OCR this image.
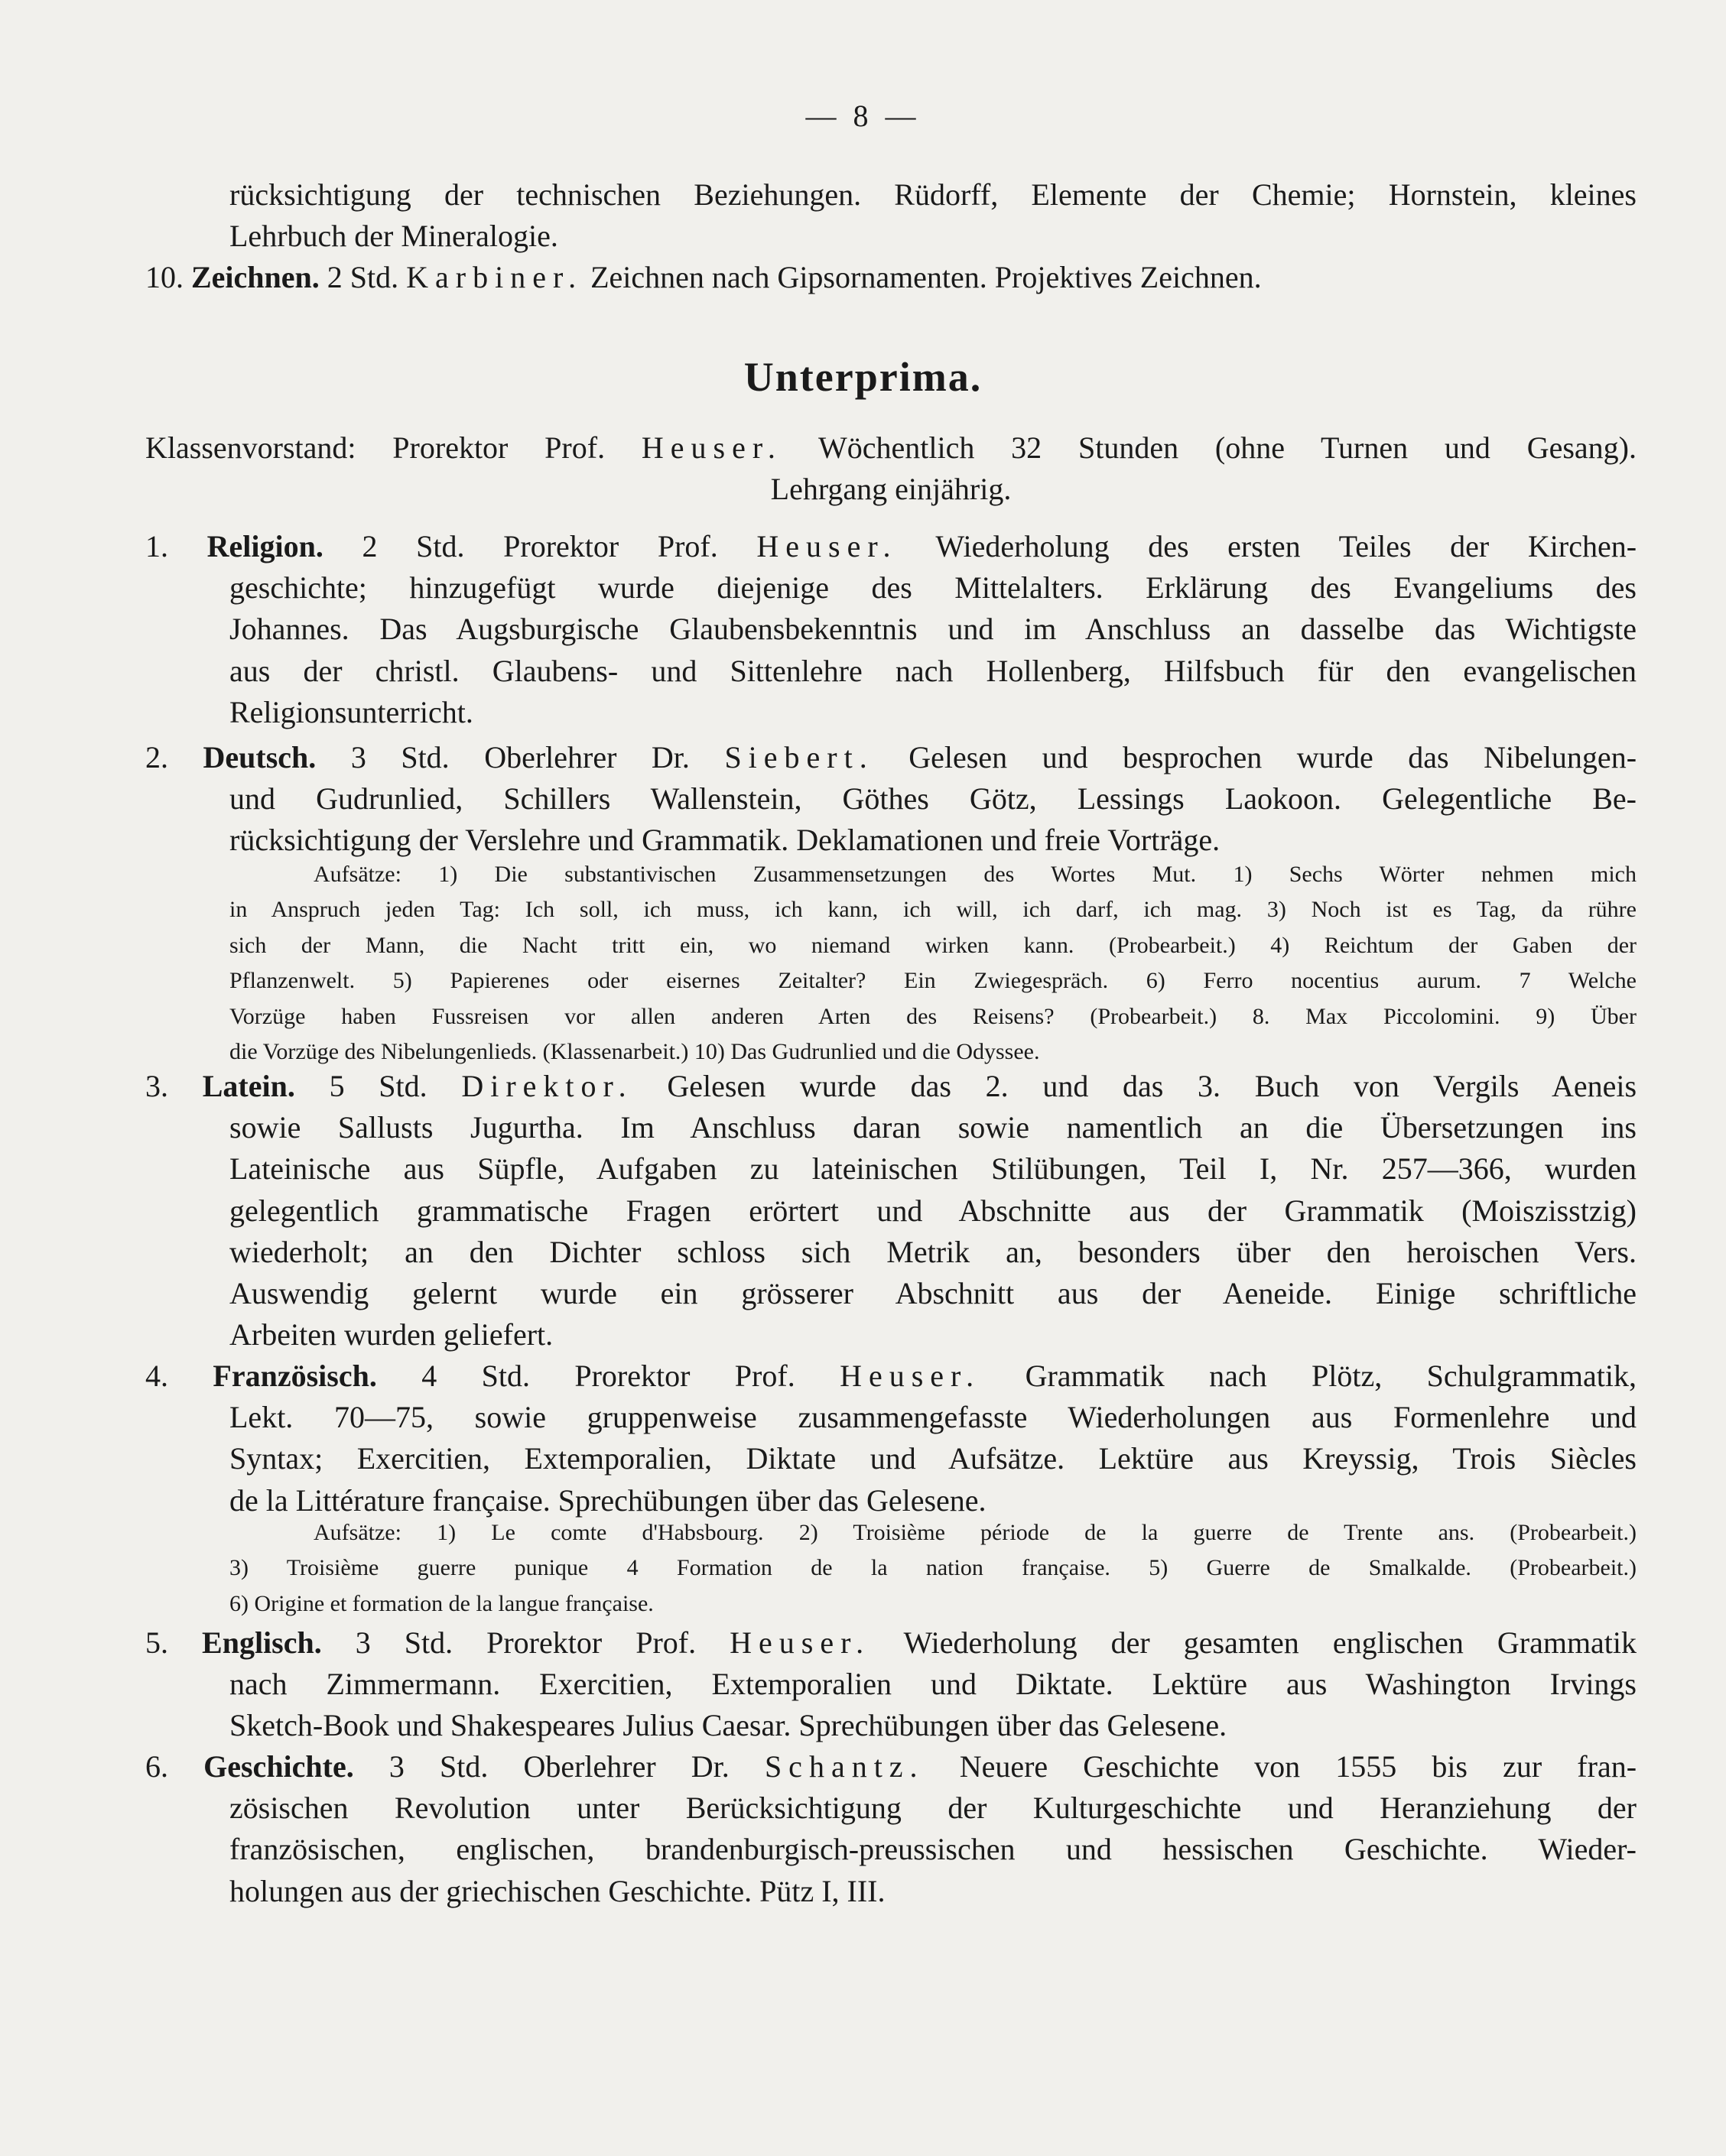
— 8 —
rücksichtigung der technischen Beziehungen. Rüdorff, Elemente der Chemie; Hornstein, kleines
Lehrbuch der Mineralogie.
10. Zeichnen. 2 Std. Karbiner. Zeichnen nach Gipsornamenten. Projektives Zeichnen.
Unterprima.
Klassenvorstand: Prorektor Prof. Heuser. Wöchentlich 32 Stunden (ohne Turnen und Gesang).
Lehrgang einjährig.
1. Religion. 2 Std. Prorektor Prof. Heuser. Wiederholung des ersten Teiles der Kirchen-
geschichte; hinzugefügt wurde diejenige des Mittelalters. Erklärung des Evangeliums des
Johannes. Das Augsburgische Glaubensbekenntnis und im Anschluss an dasselbe das Wichtigste
aus der christl. Glaubens- und Sittenlehre nach Hollenberg, Hilfsbuch für den evangelischen
Religionsunterricht.
2. Deutsch. 3 Std. Oberlehrer Dr. Siebert. Gelesen und besprochen wurde das Nibelungen-
und Gudrunlied, Schillers Wallenstein, Göthes Götz, Lessings Laokoon. Gelegentliche Be-
rücksichtigung der Verslehre und Grammatik. Deklamationen und freie Vorträge.
Aufsätze: 1) Die substantivischen Zusammensetzungen des Wortes Mut. 1) Sechs Wörter nehmen mich
in Anspruch jeden Tag: Ich soll, ich muss, ich kann, ich will, ich darf, ich mag. 3) Noch ist es Tag, da rühre
sich der Mann, die Nacht tritt ein, wo niemand wirken kann. (Probearbeit.) 4) Reichtum der Gaben der
Pflanzenwelt. 5) Papierenes oder eisernes Zeitalter? Ein Zwiegespräch. 6) Ferro nocentius aurum. 7 Welche
Vorzüge haben Fussreisen vor allen anderen Arten des Reisens? (Probearbeit.) 8. Max Piccolomini. 9) Über
die Vorzüge des Nibelungenlieds. (Klassenarbeit.) 10) Das Gudrunlied und die Odyssee.
3. Latein. 5 Std. Direktor. Gelesen wurde das 2. und das 3. Buch von Vergils Aeneis
sowie Sallusts Jugurtha. Im Anschluss daran sowie namentlich an die Übersetzungen ins
Lateinische aus Süpfle, Aufgaben zu lateinischen Stilübungen, Teil I, Nr. 257—366, wurden
gelegentlich grammatische Fragen erörtert und Abschnitte aus der Grammatik (Moiszisstzig)
wiederholt; an den Dichter schloss sich Metrik an, besonders über den heroischen Vers.
Auswendig gelernt wurde ein grösserer Abschnitt aus der Aeneide. Einige schriftliche
Arbeiten wurden geliefert.
4. Französisch. 4 Std. Prorektor Prof. Heuser. Grammatik nach Plötz, Schulgrammatik,
Lekt. 70—75, sowie gruppenweise zusammengefasste Wiederholungen aus Formenlehre und
Syntax; Exercitien, Extemporalien, Diktate und Aufsätze. Lektüre aus Kreyssig, Trois Siècles
de la Littérature française. Sprechübungen über das Gelesene.
Aufsätze: 1) Le comte d'Habsbourg. 2) Troisième période de la guerre de Trente ans. (Probearbeit.)
3) Troisième guerre punique 4 Formation de la nation française. 5) Guerre de Smalkalde. (Probearbeit.)
6) Origine et formation de la langue française.
5. Englisch. 3 Std. Prorektor Prof. Heuser. Wiederholung der gesamten englischen Grammatik
nach Zimmermann. Exercitien, Extemporalien und Diktate. Lektüre aus Washington Irvings
Sketch-Book und Shakespeares Julius Caesar. Sprechübungen über das Gelesene.
6. Geschichte. 3 Std. Oberlehrer Dr. Schantz. Neuere Geschichte von 1555 bis zur fran-
zösischen Revolution unter Berücksichtigung der Kulturgeschichte und Heranziehung der
französischen, englischen, brandenburgisch-preussischen und hessischen Geschichte. Wieder-
holungen aus der griechischen Geschichte. Pütz I, III.
